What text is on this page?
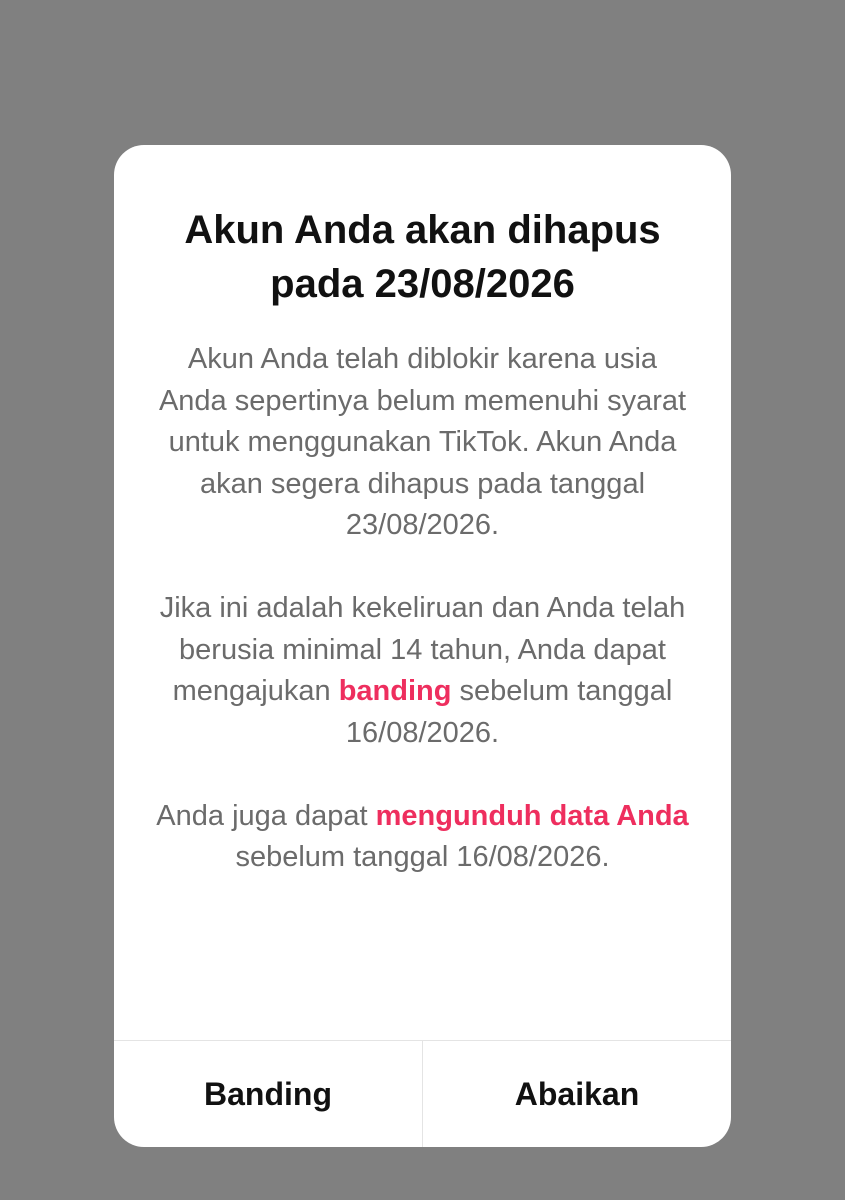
Akun Anda akan dihapus pada 23/08/2026

Akun Anda telah diblokir karena usia Anda sepertinya belum memenuhi syarat untuk menggunakan TikTok. Akun Anda akan segera dihapus pada tanggal 23/08/2026.

Jika ini adalah kekeliruan dan Anda telah berusia minimal 14 tahun, Anda dapat mengajukan banding sebelum tanggal 16/08/2026.

Anda juga dapat mengunduh data Anda sebelum tanggal 16/08/2026.

Banding	Abaikan
